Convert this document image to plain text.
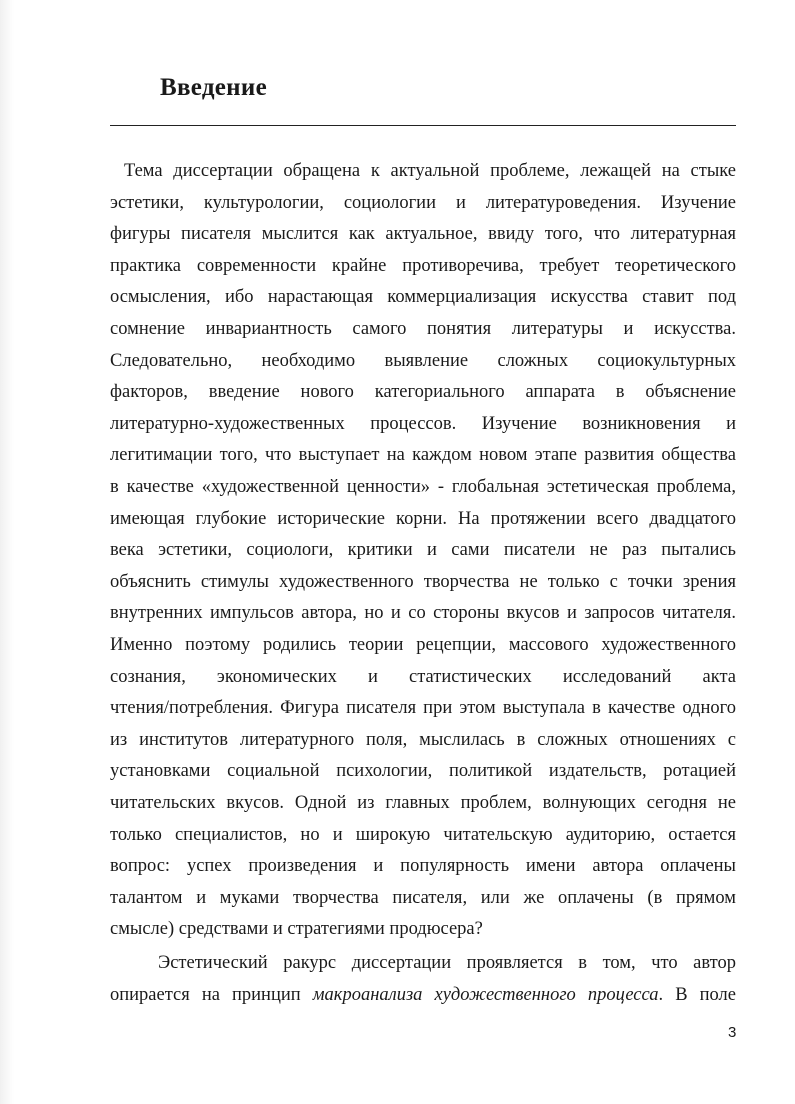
Введение
Тема диссертации обращена к актуальной проблеме, лежащей на стыке
эстетики, культурологии, социологии и литературоведения. Изучение
фигуры писателя мыслится как актуальное, ввиду того, что литературная
практика современности крайне противоречива, требует теоретического
осмысления, ибо нарастающая коммерциализация искусства ставит под
сомнение инвариантность самого понятия литературы и искусства.
Следовательно, необходимо выявление сложных социокультурных
факторов, введение нового категориального аппарата в объяснение
литературно-художественных процессов. Изучение возникновения и
легитимации того, что выступает на каждом новом этапе развития общества
в качестве «художественной ценности» - глобальная эстетическая проблема,
имеющая глубокие исторические корни. На протяжении всего двадцатого
века эстетики, социологи, критики и сами писатели не раз пытались
объяснить стимулы художественного творчества не только с точки зрения
внутренних импульсов автора, но и со стороны вкусов и запросов читателя.
Именно поэтому родились теории рецепции, массового художественного
сознания, экономических и статистических исследований акта
чтения/потребления. Фигура писателя при этом выступала в качестве одного
из институтов литературного поля, мыслилась в сложных отношениях с
установками социальной психологии, политикой издательств, ротацией
читательских вкусов. Одной из главных проблем, волнующих сегодня не
только специалистов, но и широкую читательскую аудиторию, остается
вопрос: успех произведения и популярность имени автора оплачены
талантом и муками творчества писателя, или же оплачены (в прямом
смысле) средствами и стратегиями продюсера?
Эстетический ракурс диссертации проявляется в том, что автор
опирается на принцип макроанализа художественного процесса. В поле
3
